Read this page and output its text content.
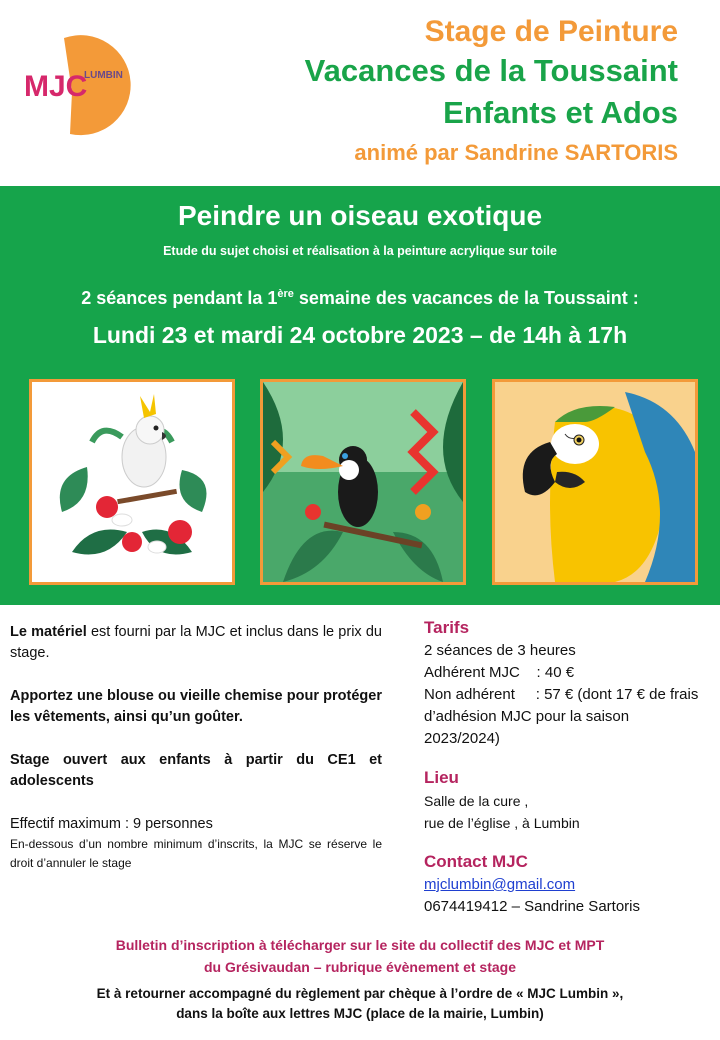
MJC
LUMBIN
Stage de Peinture
Vacances de la Toussaint
Enfants et Ados
animé par Sandrine SARTORIS
Peindre un oiseau exotique
Etude du sujet choisi et réalisation à la peinture acrylique sur toile
2 séances pendant la 1ère semaine des vacances de la Toussaint :
Lundi 23 et mardi 24 octobre 2023 – de 14h à 17h
Le matériel est fourni par la MJC et inclus dans le prix du stage.
Apportez une blouse ou vieille chemise pour protéger les vêtements, ainsi qu’un goûter.
Stage ouvert aux enfants à partir du CE1 et adolescents
Effectif maximum : 9 personnes
En-dessous d’un nombre minimum d’inscrits, la MJC se réserve le droit d’annuler le stage
Tarifs
2 séances de 3 heures
Adhérent MJC    : 40 €
Non adhérent     : 57 € (dont 17 € de frais d’adhésion MJC pour la saison 2023/2024)
Lieu
Salle de la cure ,
rue de l’église , à Lumbin
Contact MJC
mjclumbin@gmail.com
0674419412 – Sandrine Sartoris
Bulletin d’inscription à télécharger sur le site du collectif des MJC et MPT
du Grésivaudan – rubrique évènement et stage
Et à retourner accompagné du règlement par chèque à l’ordre de « MJC Lumbin »,
dans la boîte aux lettres MJC (place de la mairie, Lumbin)
